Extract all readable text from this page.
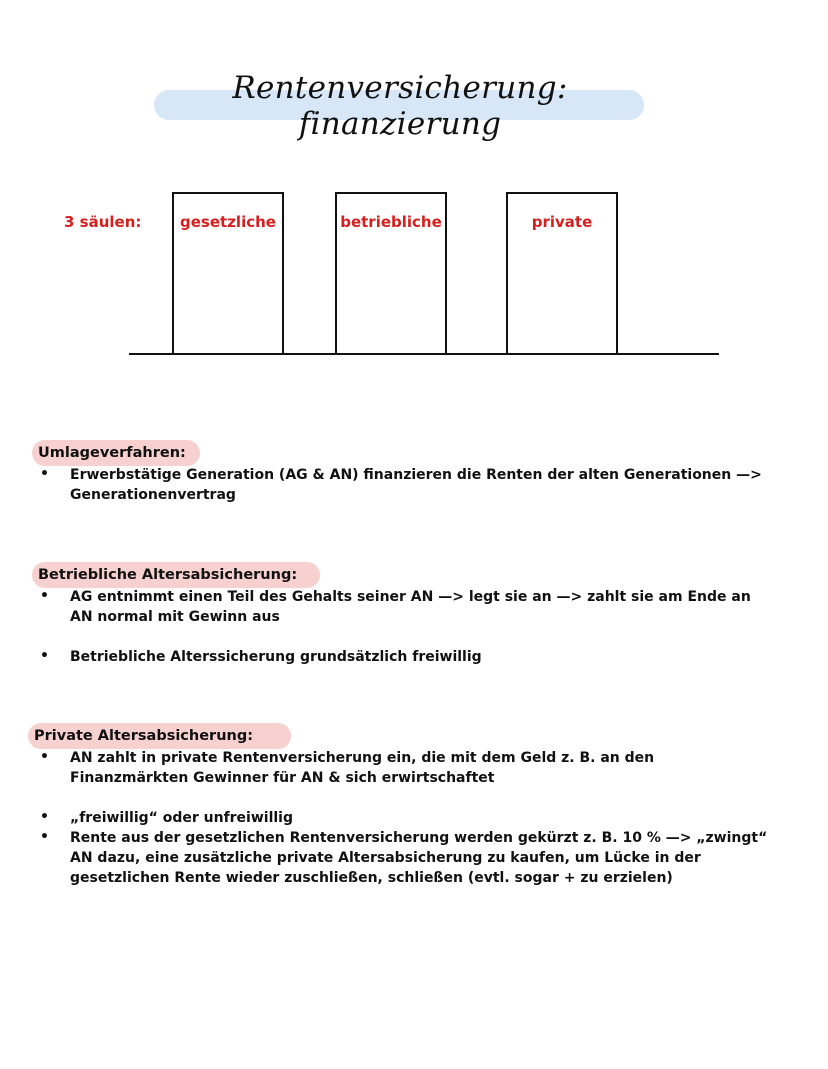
Rentenversicherung: finanzierung
3 säulen:	gesetzliche	betriebliche	private
Umlageverfahren:
• Erwerbstätige Generation (AG & AN) finanzieren die Renten der alten Generationen —> Generationenvertrag
Betriebliche Altersabsicherung:
• AG entnimmt einen Teil des Gehalts seiner AN —> legt sie an —> zahlt sie am Ende an AN normal mit Gewinn aus
• Betriebliche Alterssicherung grundsätzlich freiwillig
Private Altersabsicherung:
• AN zahlt in private Rentenversicherung ein, die mit dem Geld z. B. an den Finanzmärkten Gewinner für AN & sich erwirtschaftet
• „freiwillig“ oder unfreiwillig
• Rente aus der gesetzlichen Rentenversicherung werden gekürzt z. B. 10 % —> „zwingt“ AN dazu, eine zusätzliche private Altersabsicherung zu kaufen, um Lücke in der gesetzlichen Rente wieder zuschließen, schließen (evtl. sogar + zu erzielen)
